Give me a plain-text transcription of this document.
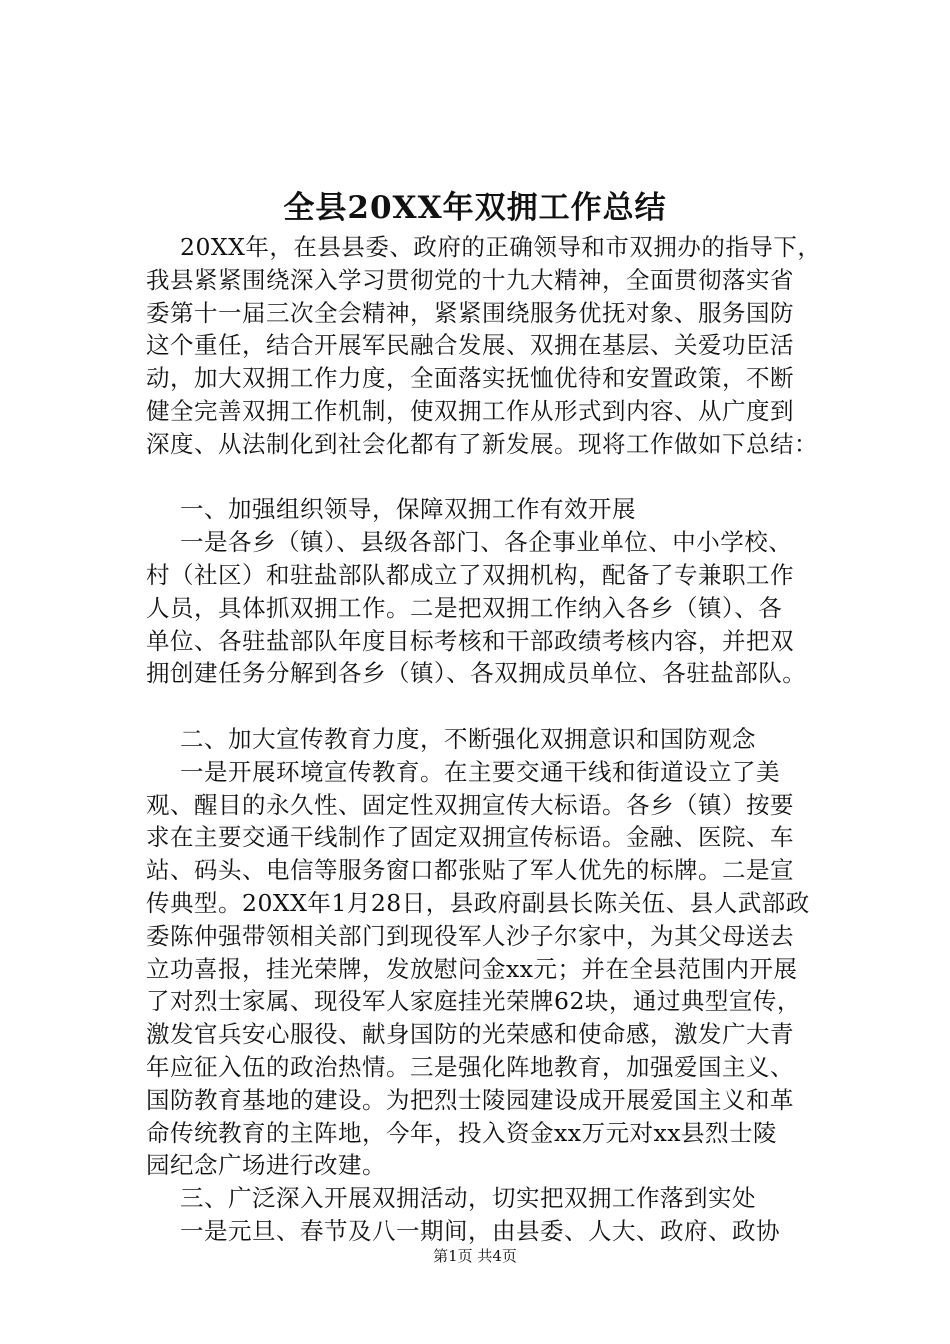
全县20XX年双拥工作总结
20XX年，在县县委、政府的正确领导和市双拥办的指导下，
我县紧紧围绕深入学习贯彻党的十九大精神，全面贯彻落实省
委第十一届三次全会精神，紧紧围绕服务优抚对象、服务国防
这个重任，结合开展军民融合发展、双拥在基层、关爱功臣活
动，加大双拥工作力度，全面落实抚恤优待和安置政策，不断
健全完善双拥工作机制，使双拥工作从形式到内容、从广度到
深度、从法制化到社会化都有了新发展。现将工作做如下总结：
一、加强组织领导，保障双拥工作有效开展
一是各乡（镇）、县级各部门、各企事业单位、中小学校、
村（社区）和驻盐部队都成立了双拥机构，配备了专兼职工作
人员，具体抓双拥工作。二是把双拥工作纳入各乡（镇）、各
单位、各驻盐部队年度目标考核和干部政绩考核内容，并把双
拥创建任务分解到各乡（镇）、各双拥成员单位、各驻盐部队。
二、加大宣传教育力度，不断强化双拥意识和国防观念
一是开展环境宣传教育。在主要交通干线和街道设立了美
观、醒目的永久性、固定性双拥宣传大标语。各乡（镇）按要
求在主要交通干线制作了固定双拥宣传标语。金融、医院、车
站、码头、电信等服务窗口都张贴了军人优先的标牌。二是宣
传典型。20XX年1月28日，县政府副县长陈关伍、县人武部政
委陈仲强带领相关部门到现役军人沙子尔家中，为其父母送去
立功喜报，挂光荣牌，发放慰问金xx元；并在全县范围内开展
了对烈士家属、现役军人家庭挂光荣牌62块，通过典型宣传，
激发官兵安心服役、献身国防的光荣感和使命感，激发广大青
年应征入伍的政治热情。三是强化阵地教育，加强爱国主义、
国防教育基地的建设。为把烈士陵园建设成开展爱国主义和革
命传统教育的主阵地，今年，投入资金xx万元对xx县烈士陵
园纪念广场进行改建。
三、广泛深入开展双拥活动，切实把双拥工作落到实处
一是元旦、春节及八一期间，由县委、人大、政府、政协
第1页 共4页
